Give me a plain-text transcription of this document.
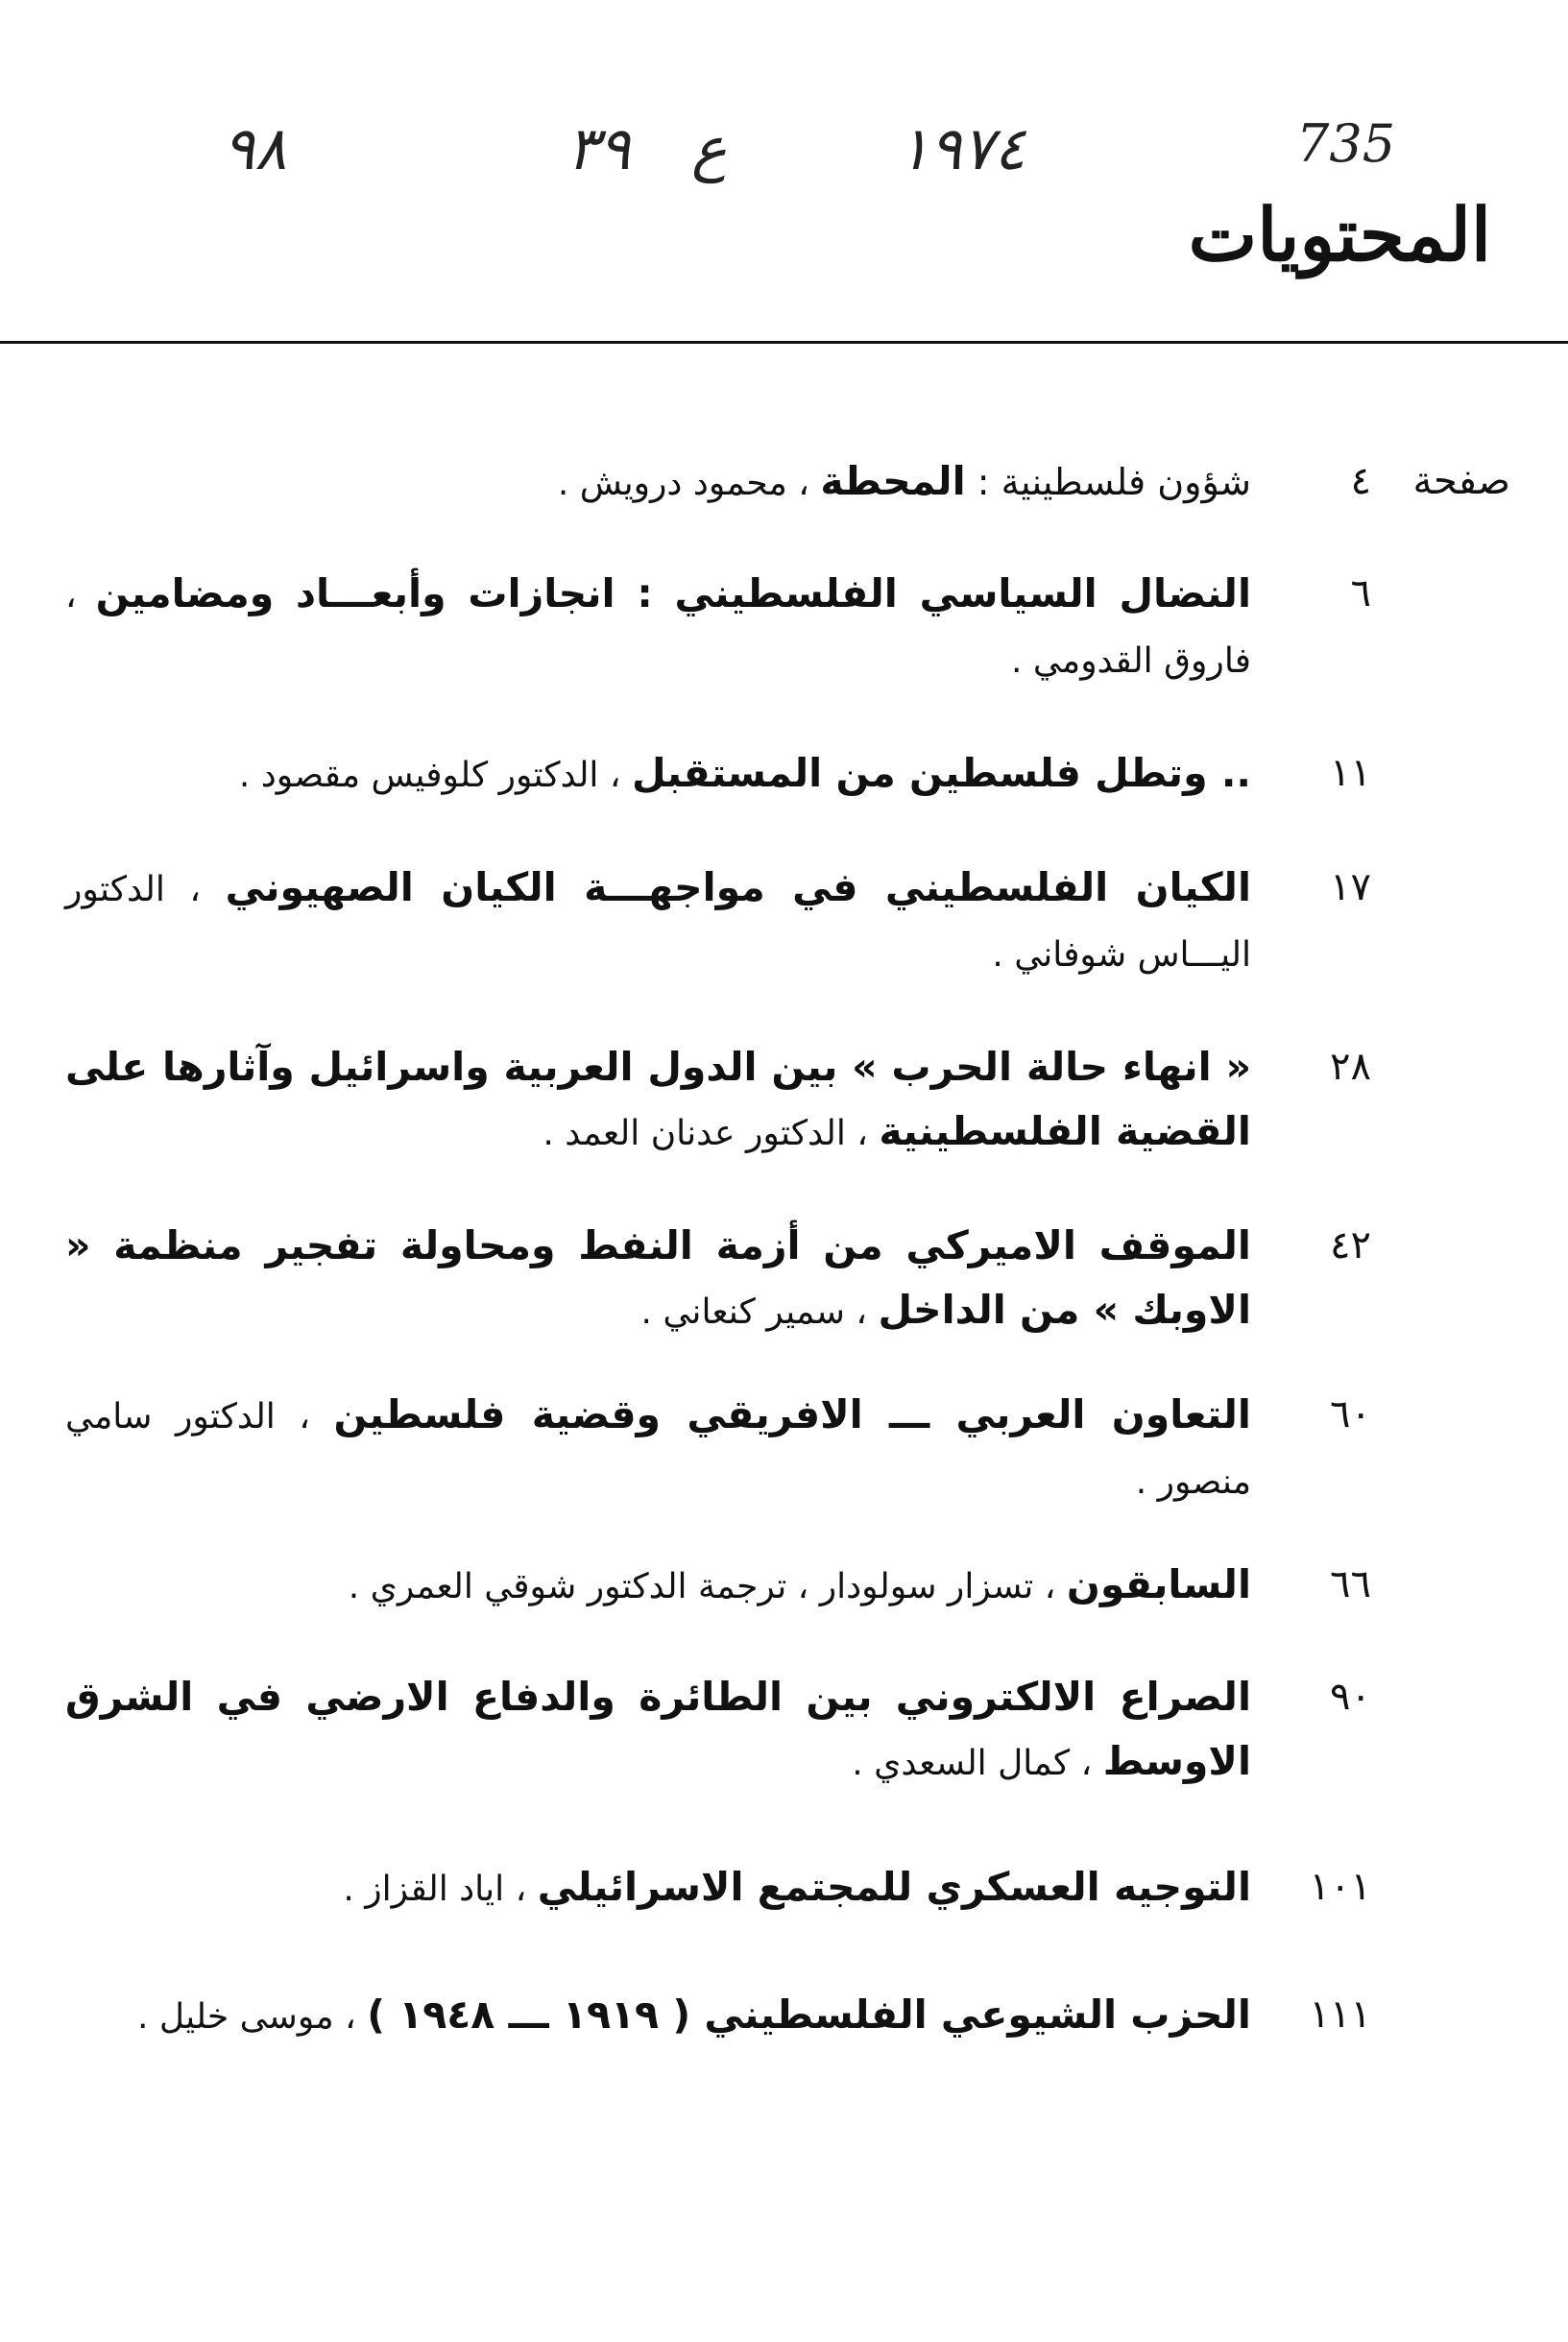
٩٨	٣٩ ع	١٩٧٤	735
المحتويات
صفحة
٤
شؤون فلسطينية : المحطة ، محمود درويش .
٦
النضال السياسي الفلسطيني : انجازات وأبعـــاد ومضامين ، فاروق القدومي .
١١
.. وتطل فلسطين من المستقبل ، الدكتور كلوفيس مقصود .
١٧
الكيان الفلسطيني في مواجهـــة الكيان الصهيوني ، الدكتور اليـــاس شوفاني .
٢٨
« انهاء حالة الحرب » بين الدول العربية واسرائيل وآثارها على القضية الفلسطينية ، الدكتور عدنان العمد .
٤٢
الموقف الاميركي من أزمة النفط ومحاولة تفجير منظمة « الاوبك » من الداخل ، سمير كنعاني .
٦٠
التعاون العربي ـــ الافريقي وقضية فلسطين ، الدكتور سامي منصور .
٦٦
السابقون ، تسزار سولودار ، ترجمة الدكتور شوقي العمري .
٩٠
الصراع الالكتروني بين الطائرة والدفاع الارضي في الشرق الاوسط ، كمال السعدي .
١٠١
التوجيه العسكري للمجتمع الاسرائيلي ، اياد القزاز .
١١١
الحزب الشيوعي الفلسطيني ( ١٩١٩ ـــ ١٩٤٨ ) ، موسى خليل .
